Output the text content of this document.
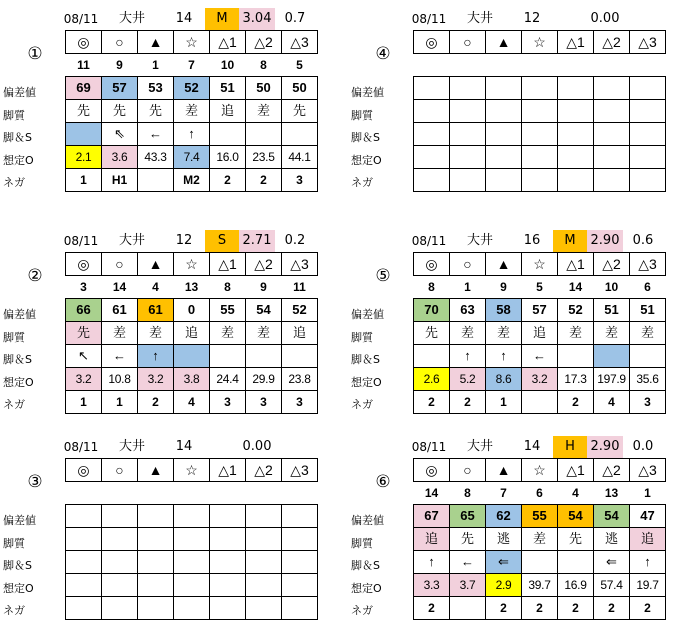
08/11	大井	14	M	3.04	0.7
①
偏差値
脚質
脚＆S
想定O
ネガ
◎	○	▲	☆	△1	△2	△3
11	9	1	7	10	8	5
69	57	53	52	51	50	50
先	先	先	差	追	差	先
	⇖	←	↑			
2.1	3.6	43.3	7.4	16.0	23.5	44.1
1	H1		M2	2	2	3
08/11	大井	12	0.00
④
偏差値
脚質
脚＆S
想定O
ネガ
◎	○	▲	☆	△1	△2	△3

08/11	大井	12	S	2.71	0.2
②
偏差値
脚質
脚＆S
想定O
ネガ
◎	○	▲	☆	△1	△2	△3
3	14	4	13	8	9	11
66	61	61	0	55	54	52
先	差	差	追	差	差	追
↖	←	↑				
3.2	10.8	3.2	3.8	24.4	29.9	23.8
1	1	2	4	3	3	3
08/11	大井	16	M	2.90	0.6
⑤
偏差値
脚質
脚＆S
想定O
ネガ
◎	○	▲	☆	△1	△2	△3
8	1	9	5	14	10	6
70	63	58	57	52	51	51
先	差	差	追	差	差	差
	↑	↑	←			
2.6	5.2	8.6	3.2	17.3	197.9	35.6
2	2	1		2	4	3
08/11	大井	14	0.00
③
偏差値
脚質
脚＆S
想定O
ネガ
◎	○	▲	☆	△1	△2	△3

08/11	大井	14	H	2.90	0.0
⑥
偏差値
脚質
脚＆S
想定O
ネガ
◎	○	▲	☆	△1	△2	△3
14	8	7	6	4	13	1
67	65	62	55	54	54	47
追	先	逃	差	先	逃	追
↑	←	⇐			⇐	↑
3.3	3.7	2.9	39.7	16.9	57.4	19.7
2		2	2	2	2	2
